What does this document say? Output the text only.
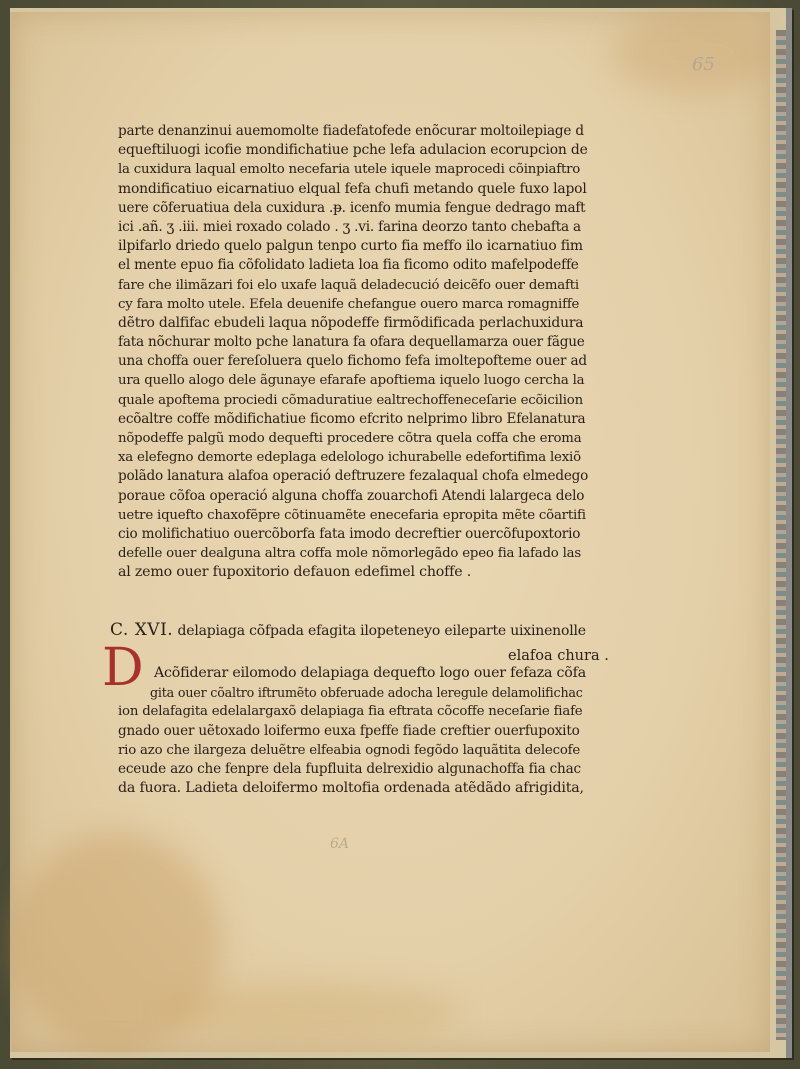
65
parte denanzinui auemomolte fiadefatofede enõcurar moltoilepiage d
equeftiluogi icofie mondifichatiue pche lefa adulacion ecorupcion de
la cuxidura laqual emolto necefaria utele iquele maprocedi cõinpiaftro
mondificatiuo eicarnatiuo elqual fefa chufi metando quele fuxo lapol
uere cõferuatiua dela cuxidura .ᵽ. icenfo mumia fengue dedrago maft
ici .añ. ʒ .iii. miei roxado colado . ʒ .vi. farina deorzo tanto chebafta a
ilpifarlo driedo quelo palgun tenpo curto fia meffo ilo icarnatiuo fim
el mente epuo fia cõfolidato ladieta loa fia ficomo odito mafelpodeffe
fare che ilimãzari foi elo uxafe laquã deladecució deicẽfo ouer demafti
cy fara molto utele. Efela deuenife chefangue ouero marca romagniffe
dẽtro dalfifac ebudeli laqua nõpodeffe firmõdificada perlachuxidura
fata nõchurar molto pche lanatura fa ofara dequellamarza ouer fãgue
una choffa ouer fereſoluera quelo fichomo fefa imoltepofteme ouer ad
ura quello alogo dele ãgunaye efarafe apoftiema iquelo luogo cercha la
quale apoftema prociedi cõmaduratiue ealtrechoffeneceſarie ecõicilion
ecõaltre coffe mõdifichatiue ficomo efcrito nelprimo libro Efelanatura
nõpodeffe palgũ modo dequefti procedere cõtra quela coffa che eroma
xa elefegno demorte edeplaga edelologo ichurabelle edefortifima lexiõ
polãdo lanatura alafoa operació deftruzere fezalaqual chofa elmedego
poraue cõfoa operació alguna choffa zouarchofi Atendi lalargeca delo
uetre iquefto chaxofẽpre cõtinuamẽte enecefaria epropita mẽte cõartifi
cio molifichatiuo ouercõborfa fata imodo decreftier ouercõfupoxtorio
defelle ouer dealguna altra coffa mole nõmorlegãdo epeo fia lafado las
al zemo ouer fupoxitorio defauon edefimel choffe .
C. XVI. delapiaga cõfpada efagita ilopeteneyo eileparte uixinenolle
elafoa chura .
D Acõfiderar eilomodo delapiaga dequefto logo ouer fefaza cõfa
gita ouer cõaltro iftrumẽto obferuade adocha leregule delamolifichac
ion delafagita edelalargaxõ delapiaga fia eftrata cõcoffe neceſarie fiafe
gnado ouer uẽtoxado loifermo euxa fpeffe fiade creftier ouerfupoxito
rio azo che ilargeza deluẽtre elfeabia ognodi fegõdo laquãtita delecofe
eceude azo che fenpre dela fupfluita delrexidio algunachoffa fia chac
da fuora. Ladieta deloifermo moltofia ordenada atẽdãdo afrigidita,
6A
